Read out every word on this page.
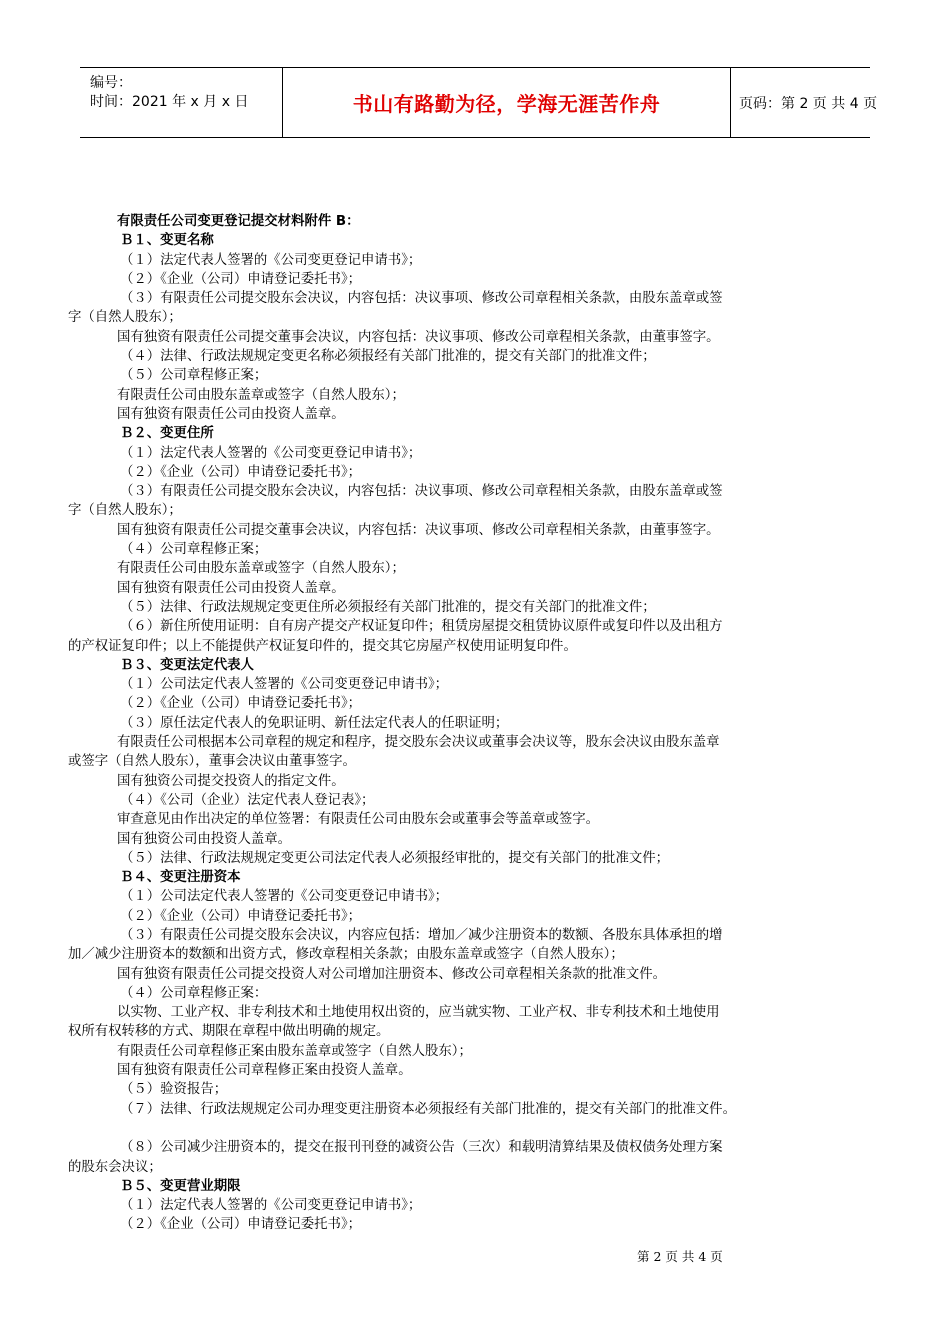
编号：
时间：2021 年 x 月 x 日	书山有路勤为径，学海无涯苦作舟	页码：第 2 页 共 4 页
有限责任公司变更登记提交材料附件 B：
Ｂ１、变更名称
（１）法定代表人签署的《公司变更登记申请书》；
（２）《企业（公司）申请登记委托书》；
（３）有限责任公司提交股东会决议，内容包括：决议事项、修改公司章程相关条款，由股东盖章或签
字（自然人股东）；
国有独资有限责任公司提交董事会决议，内容包括：决议事项、修改公司章程相关条款，由董事签字。
（４）法律、行政法规规定变更名称必须报经有关部门批准的，提交有关部门的批准文件；
（５）公司章程修正案；
有限责任公司由股东盖章或签字（自然人股东）；
国有独资有限责任公司由投资人盖章。
Ｂ２、变更住所
（１）法定代表人签署的《公司变更登记申请书》；
（２）《企业（公司）申请登记委托书》；
（３）有限责任公司提交股东会决议，内容包括：决议事项、修改公司章程相关条款，由股东盖章或签
字（自然人股东）；
国有独资有限责任公司提交董事会决议，内容包括：决议事项、修改公司章程相关条款，由董事签字。
（４）公司章程修正案；
有限责任公司由股东盖章或签字（自然人股东）；
国有独资有限责任公司由投资人盖章。
（５）法律、行政法规规定变更住所必须报经有关部门批准的，提交有关部门的批准文件；
（６）新住所使用证明：自有房产提交产权证复印件；租赁房屋提交租赁协议原件或复印件以及出租方
的产权证复印件；以上不能提供产权证复印件的，提交其它房屋产权使用证明复印件。
Ｂ３、变更法定代表人
（１）公司法定代表人签署的《公司变更登记申请书》；
（２）《企业（公司）申请登记委托书》；
（３）原任法定代表人的免职证明、新任法定代表人的任职证明；
有限责任公司根据本公司章程的规定和程序，提交股东会决议或董事会决议等，股东会决议由股东盖章
或签字（自然人股东），董事会决议由董事签字。
国有独资公司提交投资人的指定文件。
（４）《公司（企业）法定代表人登记表》；
审查意见由作出决定的单位签署：有限责任公司由股东会或董事会等盖章或签字。
国有独资公司由投资人盖章。
（５）法律、行政法规规定变更公司法定代表人必须报经审批的，提交有关部门的批准文件；
Ｂ４、变更注册资本
（１）公司法定代表人签署的《公司变更登记申请书》；
（２）《企业（公司）申请登记委托书》；
（３）有限责任公司提交股东会决议，内容应包括：增加／减少注册资本的数额、各股东具体承担的增
加／减少注册资本的数额和出资方式，修改章程相关条款；由股东盖章或签字（自然人股东）；
国有独资有限责任公司提交投资人对公司增加注册资本、修改公司章程相关条款的批准文件。
（４）公司章程修正案：
以实物、工业产权、非专利技术和土地使用权出资的，应当就实物、工业产权、非专利技术和土地使用
权所有权转移的方式、期限在章程中做出明确的规定。
有限责任公司章程修正案由股东盖章或签字（自然人股东）；
国有独资有限责任公司章程修正案由投资人盖章。
（５）验资报告；
（７）法律、行政法规规定公司办理变更注册资本必须报经有关部门批准的，提交有关部门的批准文件。
（８）公司减少注册资本的，提交在报刊刊登的减资公告（三次）和载明清算结果及债权债务处理方案
的股东会决议；
Ｂ５、变更营业期限
（１）法定代表人签署的《公司变更登记申请书》；
（２）《企业（公司）申请登记委托书》；
第 2 页 共 4 页
